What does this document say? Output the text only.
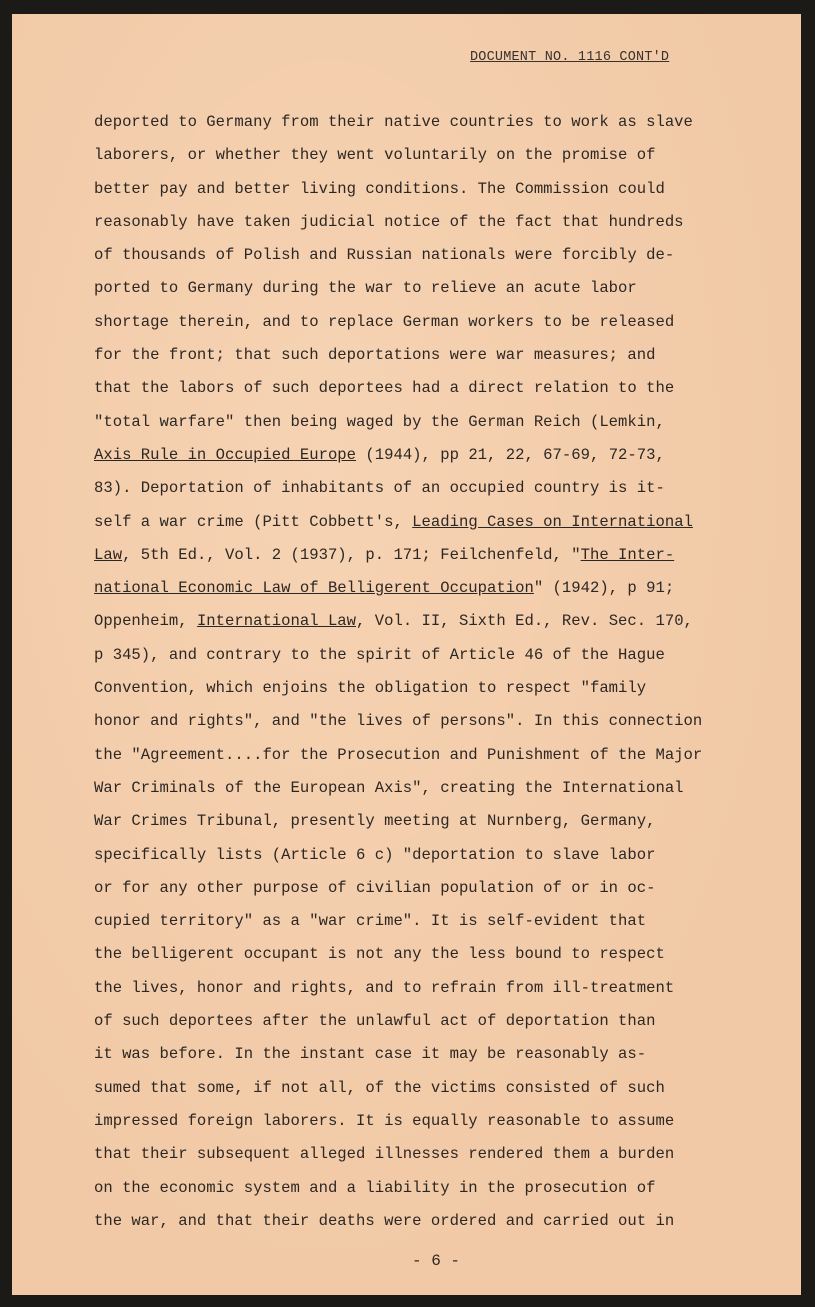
DOCUMENT NO. 1116 CONT'D
deported to Germany from their native countries to work as slave
laborers, or whether they went voluntarily on the promise of
better pay and better living conditions. The Commission could
reasonably have taken judicial notice of the fact that hundreds
of thousands of Polish and Russian nationals were forcibly de-
ported to Germany during the war to relieve an acute labor
shortage therein, and to replace German workers to be released
for the front; that such deportations were war measures; and
that the labors of such deportees had a direct relation to the
"total warfare" then being waged by the German Reich (Lemkin,
Axis Rule in Occupied Europe (1944), pp 21, 22, 67-69, 72-73,
83). Deportation of inhabitants of an occupied country is it-
self a war crime (Pitt Cobbett's, Leading Cases on International
Law, 5th Ed., Vol. 2 (1937), p. 171; Feilchenfeld, "The Inter-
national Economic Law of Belligerent Occupation" (1942), p 91;
Oppenheim, International Law, Vol. II, Sixth Ed., Rev. Sec. 170,
p 345), and contrary to the spirit of Article 46 of the Hague
Convention, which enjoins the obligation to respect "family
honor and rights", and "the lives of persons". In this connection
the "Agreement....for the Prosecution and Punishment of the Major
War Criminals of the European Axis", creating the International
War Crimes Tribunal, presently meeting at Nurnberg, Germany,
specifically lists (Article 6 c) "deportation to slave labor
or for any other purpose of civilian population of or in oc-
cupied territory" as a "war crime". It is self-evident that
the belligerent occupant is not any the less bound to respect
the lives, honor and rights, and to refrain from ill-treatment
of such deportees after the unlawful act of deportation than
it was before. In the instant case it may be reasonably as-
sumed that some, if not all, of the victims consisted of such
impressed foreign laborers. It is equally reasonable to assume
that their subsequent alleged illnesses rendered them a burden
on the economic system and a liability in the prosecution of
the war, and that their deaths were ordered and carried out in
- 6 -
